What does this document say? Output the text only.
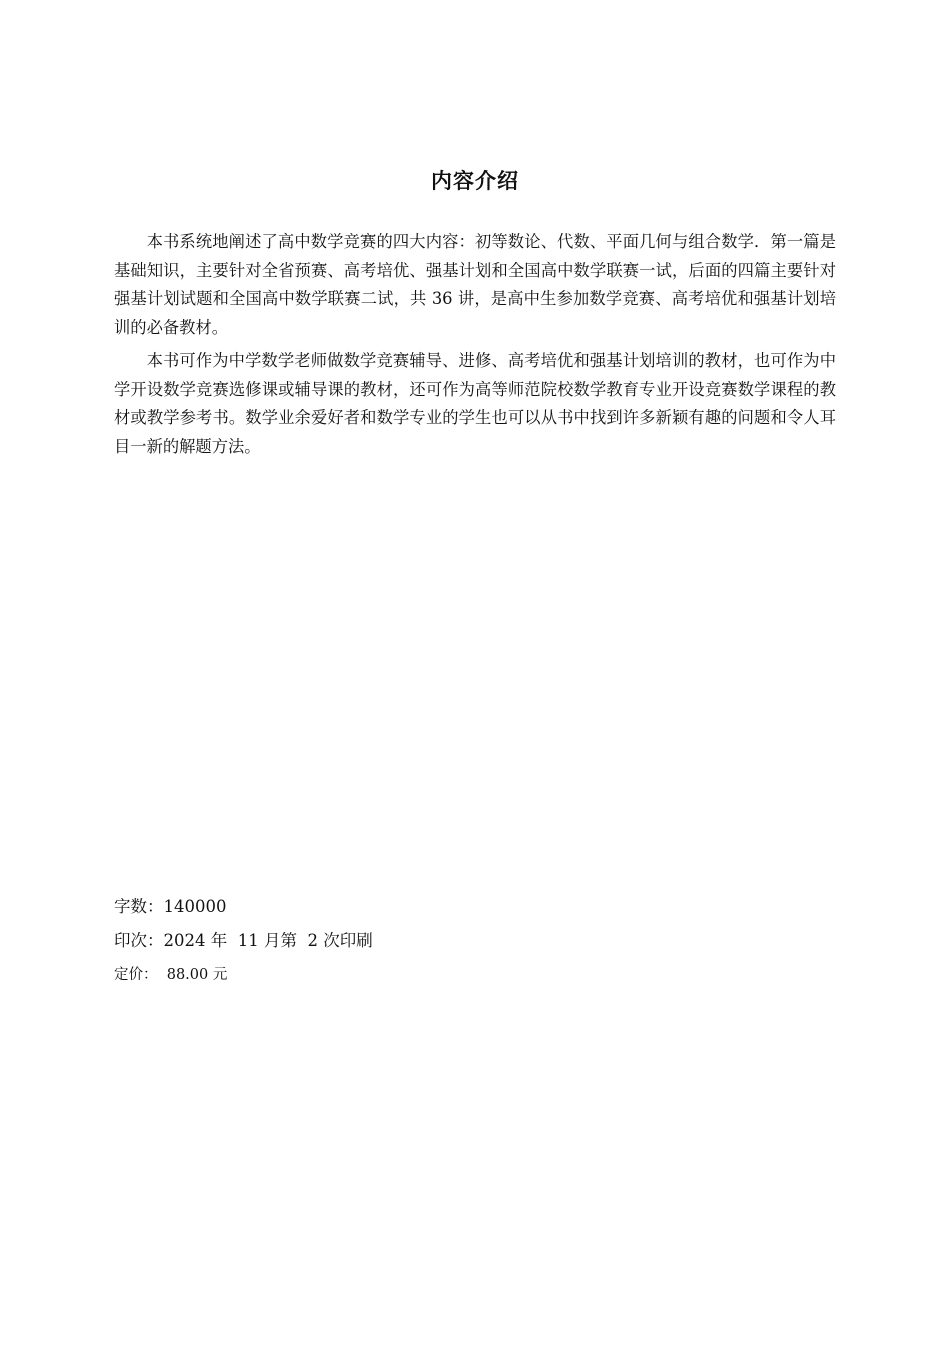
内容介绍

本书系统地阐述了高中数学竞赛的四大内容：初等数论、代数、平面几何与组合数学．第一篇是基础知识，主要针对全省预赛、高考培优、强基计划和全国高中数学联赛一试，后面的四篇主要针对强基计划试题和全国高中数学联赛二试，共 36 讲，是高中生参加数学竞赛、高考培优和强基计划培训的必备教材。

本书可作为中学数学老师做数学竞赛辅导、进修、高考培优和强基计划培训的教材，也可作为中学开设数学竞赛选修课或辅导课的教材，还可作为高等师范院校数学教育专业开设竞赛数学课程的教材或教学参考书。数学业余爱好者和数学专业的学生也可以从书中找到许多新颖有趣的问题和令人耳目一新的解题方法。

字数：140000
印次：2024 年  11 月第  2 次印刷
定价： 88.00 元
